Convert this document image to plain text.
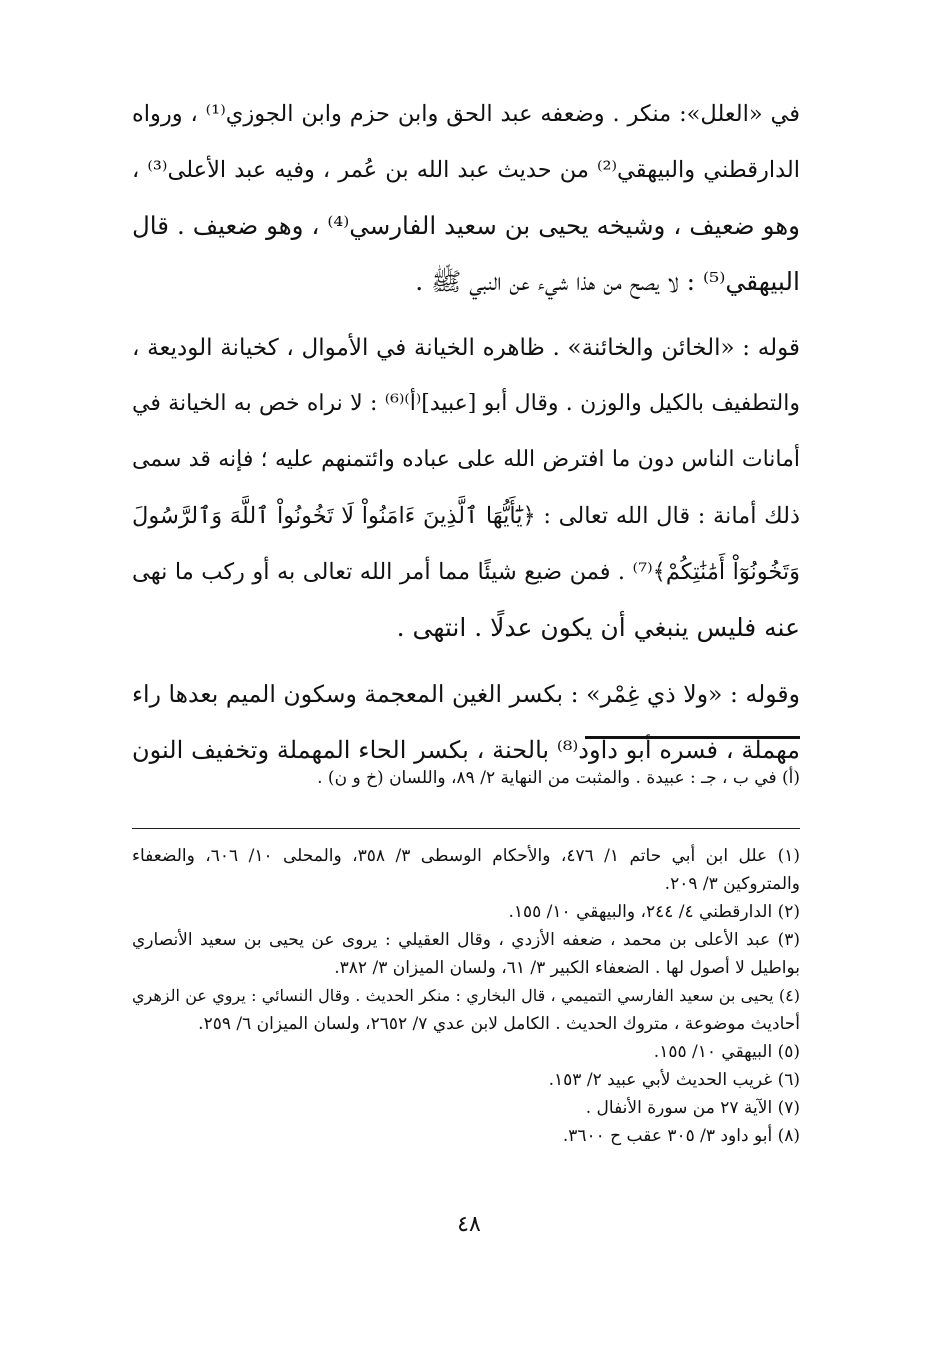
في «العلل»: منكر . وضعفه عبد الحق وابن حزم وابن الجوزي⁽¹⁾ ، ورواه
الدارقطني والبيهقي⁽²⁾ من حديث عبد الله بن عُمر ، وفيه عبد الأعلى⁽³⁾ ،
وهو ضعيف ، وشيخه يحيى بن سعيد الفارسي⁽⁴⁾ ، وهو ضعيف . قال
البيهقي⁽⁵⁾ : لا يصح من هذا شيء عن النبي ﷺ .
قوله : «الخائن والخائنة» . ظاهره الخيانة في الأموال ، كخيانة الوديعة ،
والتطفيف بالكيل والوزن . وقال أبو [عبيد]⁽أ⁾⁽⁶⁾ : لا نراه خص به الخيانة في
أمانات الناس دون ما افترض الله على عباده وائتمنهم عليه ؛ فإنه قد سمى
ذلك أمانة : قال الله تعالى : ﴿يَٰٓأَيُّهَا ٱلَّذِينَ ءَامَنُواْ لَا تَخُونُواْ ٱللَّهَ وَٱلرَّسُولَ
وَتَخُونُوٓاْ أَمَٰنَٰتِكُمْ﴾⁽⁷⁾ . فمن ضيع شيئًا مما أمر الله تعالى به أو ركب ما نهى
عنه فليس ينبغي أن يكون عدلًا . انتهى .
وقوله : «ولا ذي غِمْر» : بكسر الغين المعجمة وسكون الميم بعدها راء
مهملة ، فسره أبو داود⁽⁸⁾ بالحنة ، بكسر الحاء المهملة وتخفيف النون
(أ) في ب ، جـ : عبيدة . والمثبت من النهاية ٢/ ٨٩، واللسان (خ و ن) .
(١) علل ابن أبي حاتم ١/ ٤٧٦، والأحكام الوسطى ٣/ ٣٥٨، والمحلى ١٠/ ٦٠٦، والضعفاء
والمتروكين ٣/ ٢٠٩.
(٢) الدارقطني ٤/ ٢٤٤، والبيهقي ١٠/ ١٥٥.
(٣) عبد الأعلى بن محمد ، ضعفه الأزدي ، وقال العقيلي : يروى عن يحيى بن سعيد الأنصاري
بواطيل لا أصول لها . الضعفاء الكبير ٣/ ٦١، ولسان الميزان ٣/ ٣٨٢.
(٤) يحيى بن سعيد الفارسي التميمي ، قال البخاري : منكر الحديث . وقال النسائي : يروي عن الزهري
أحاديث موضوعة ، متروك الحديث . الكامل لابن عدي ٧/ ٢٦٥٢، ولسان الميزان ٦/ ٢٥٩.
(٥) البيهقي ١٠/ ١٥٥.
(٦) غريب الحديث لأبي عبيد ٢/ ١٥٣.
(٧) الآية ٢٧ من سورة الأنفال .
(٨) أبو داود ٣/ ٣٠٥ عقب ح ٣٦٠٠.
٤٨
